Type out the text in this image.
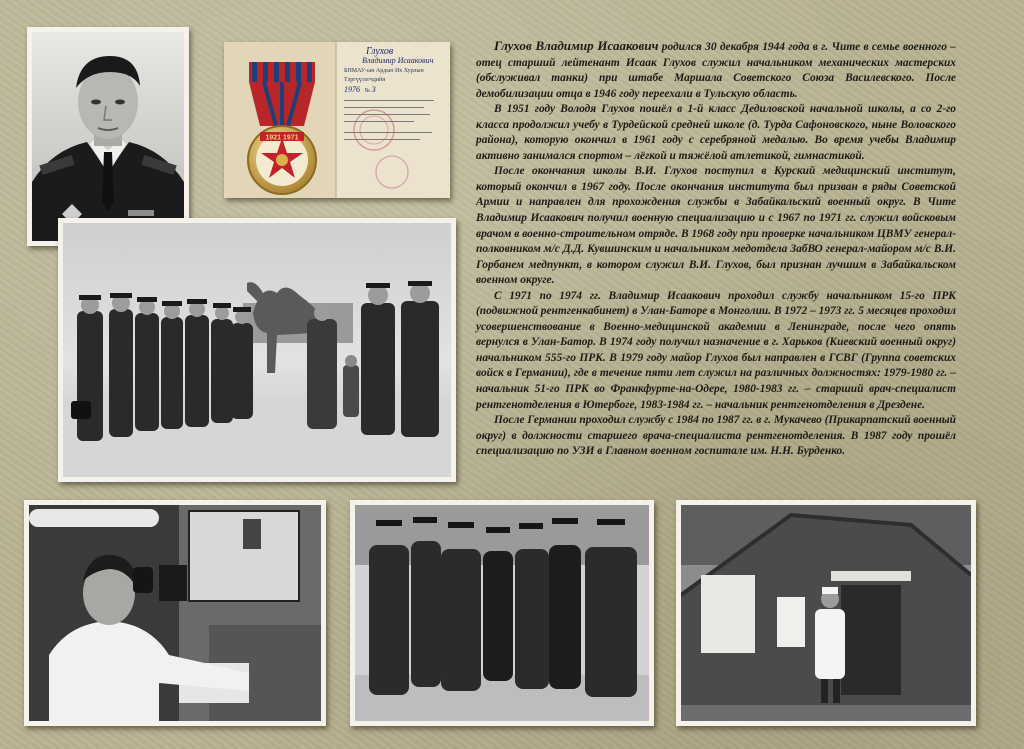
1921 1971
Глухов
Владимир Исаакович
БНМАУ-ын Ардын Их Хурлын Тэргүүлэгчдийн
1976   № 3

Глухов Владимир Исаакович родился 30 декабря 1944 года в г. Чите в семье военного – отец старший лейтенант Исаак Глухов служил начальником механических мастерских (обслуживал танки) при штабе Маршала Советского Союза Василевского. После демобилизации отца в 1946 году переехали в Тульскую область.

В 1951 году Володя Глухов пошёл в 1-й класс Дедиловской начальной школы, а со 2-го класса продолжил учебу в Турдейской средней школе (д. Турда Сафоновского, ныне Воловского района), которую окончил в 1961 году с серебряной медалью. Во время учебы Владимир активно занимался спортом – лёгкой и тяжёлой атлетикой, гимнастикой.

После окончания школы В.И. Глухов поступил в Курский медицинский институт, который окончил в 1967 году. После окончания института был призван в ряды Советской Армии и направлен для прохождения службы в Забайкальский военный округ. В Чите Владимир Исаакович получил военную специализацию и с 1967 по 1971 гг. служил войсковым врачом в военно-строительном отряде. В 1968 году при проверке начальником ЦВМУ генерал-полковником м/с Д.Д. Кувшинским и начальником медотдела ЗабВО генерал-майором м/с В.И. Горбанем медпункт, в котором служил В.И. Глухов, был признан лучшим в Забайкальском военном округе.

С 1971 по 1974 гг. Владимир Исаакович проходил службу начальником 15-го ПРК (подвижной рентгенкабинет) в Улан-Баторе в Монголии. В 1972 – 1973 гг. 5 месяцев проходил усовершенствование в Военно-медицинской академии в Ленинграде, после чего опять вернулся в Улан-Батор. В 1974 году получил назначение в г. Харьков (Киевский военный округ) начальником 555-го ПРК. В 1979 году майор Глухов был направлен в ГСВГ (Группа советских войск в Германии), где в течение пяти лет служил на различных должностях: 1979-1980 гг. – начальник 51-го ПРК во Франкфурте-на-Одере, 1980-1983 гг. – старший врач-специалист рентгенотделения в Ютербоге, 1983-1984 гг. – начальник рентгенотделения в Дрездене.

После Германии проходил службу с 1984 по 1987 гг. в г. Мукачево (Прикарпатский военный округ) в должности старшего врача-специалиста рентгенотделения. В 1987 году прошёл специализацию по УЗИ в Главном военном госпитале им. Н.Н. Бурденко.
